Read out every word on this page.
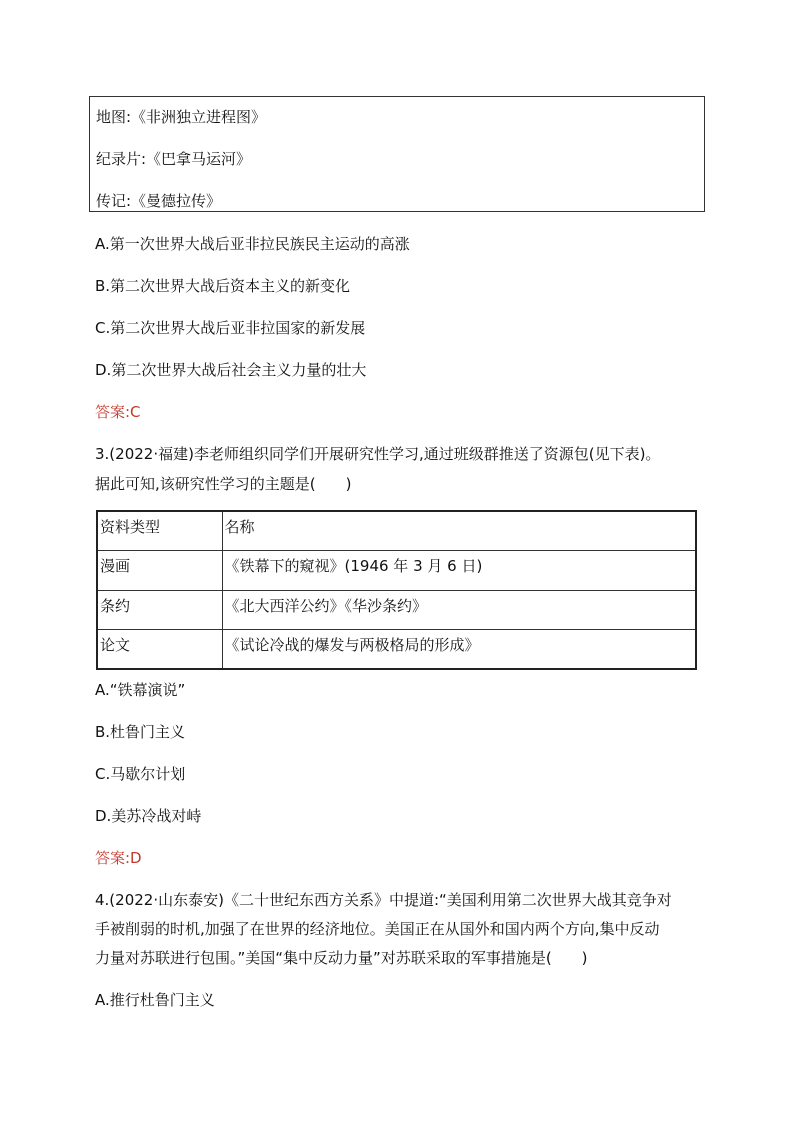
地图:《非洲独立进程图》
纪录片:《巴拿马运河》
传记:《曼德拉传》
A.第一次世界大战后亚非拉民族民主运动的高涨
B.第二次世界大战后资本主义的新变化
C.第二次世界大战后亚非拉国家的新发展
D.第二次世界大战后社会主义力量的壮大
答案:C
3.(2022·福建)李老师组织同学们开展研究性学习,通过班级群推送了资源包(见下表)。
据此可知,该研究性学习的主题是(　　)
资料类型	名称
漫画	《铁幕下的窥视》(1946 年 3 月 6 日)
条约	《北大西洋公约》《华沙条约》
论文	《试论冷战的爆发与两极格局的形成》
A.“铁幕演说”
B.杜鲁门主义
C.马歇尔计划
D.美苏冷战对峙
答案:D
4.(2022·山东泰安)《二十世纪东西方关系》中提道:“美国利用第二次世界大战其竞争对
手被削弱的时机,加强了在世界的经济地位。美国正在从国外和国内两个方向,集中反动
力量对苏联进行包围。”美国“集中反动力量”对苏联采取的军事措施是(　　)
A.推行杜鲁门主义
